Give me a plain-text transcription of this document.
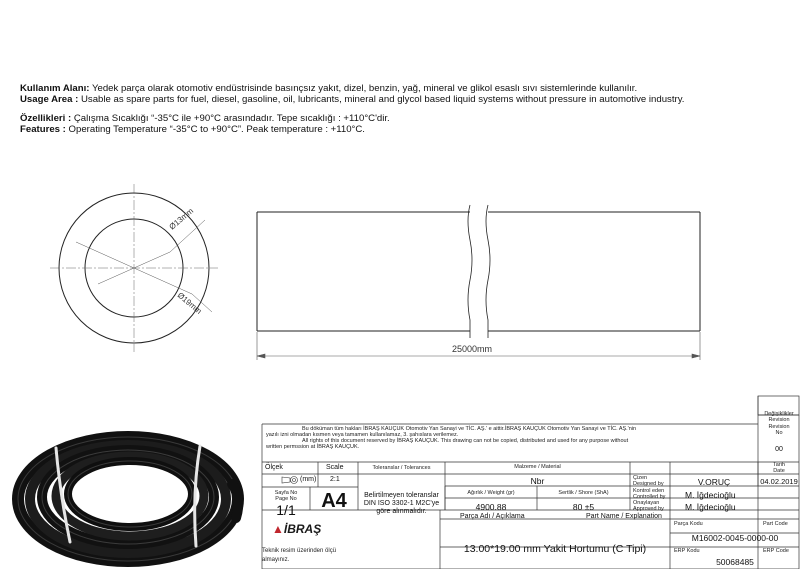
Kullanım Alanı: Yedek parça olarak otomotiv endüstrisinde basınçsız yakıt, dizel, benzin, yağ, mineral ve glikol esaslı sıvı sistemlerinde kullanılır.
Usage Area : Usable as spare parts for fuel, diesel, gasoline, oil, lubricants, mineral and glycol based liquid systems without pressure in automotive industry.
Özellikleri : Çalışma Sıcaklığı “-35°C ile +90°C arasındadır. Tepe sıcaklığı : +110°C'dir.
Features : Operating Temperature “-35°C to +90°C”. Peak temperature : +110°C.
Ø13mm
Ø19mm
25000mm
Bu döküman tüm hakları İBRAŞ KAUÇUK Otomotiv Yan Sanayi ve TİC. AŞ.' e aittir.İBRAŞ KAUÇUK Otomotiv Yan Sanayi ve TİC. AŞ.'nin
yazılı izni olmadan kısmen veya tamamen kullanılamaz, 3. şahıslara verilemez.
All rights of this document reserved by İBRAŞ KAUÇUK. This drawing can not be copied, distributed and used for any purpose without
written permssion at İBRAŞ KAUÇUK.
Değişiklikler
Revision
Revision
No
00
Tarih
Date
Ölçek	Scale
(mm) 2:1
Sayfa No
Page No
1/1	A4
Toleranslar / Tolerances
Belirtilmeyen toleranslar
DIN ISO 3302-1 M2C'ye
göre alınmalıdır.
Malzeme / Material
Nbr
Ağırlık / Weight (gr)
4900.88
Sertlik / Shore (ShA)
80 ±5
Çizen
Designed by	V.ORUÇ	04.02.2019
Kontrol eden
Controlled by M. İğdecioğlu
Onaylayan
Approved by M. İğdecioğlu
Parça Adı / Açıklama	Part Name / Explanation
Parça Kodu	Part Code
M16002-0045-0000-00
13.00*19.00 mm Yakit Hortumu (C Tipi)	ERP Kodu	ERP Code
50068485
Teknik resim üzerinden ölçü
almayınız.
▲İBRAŞ
